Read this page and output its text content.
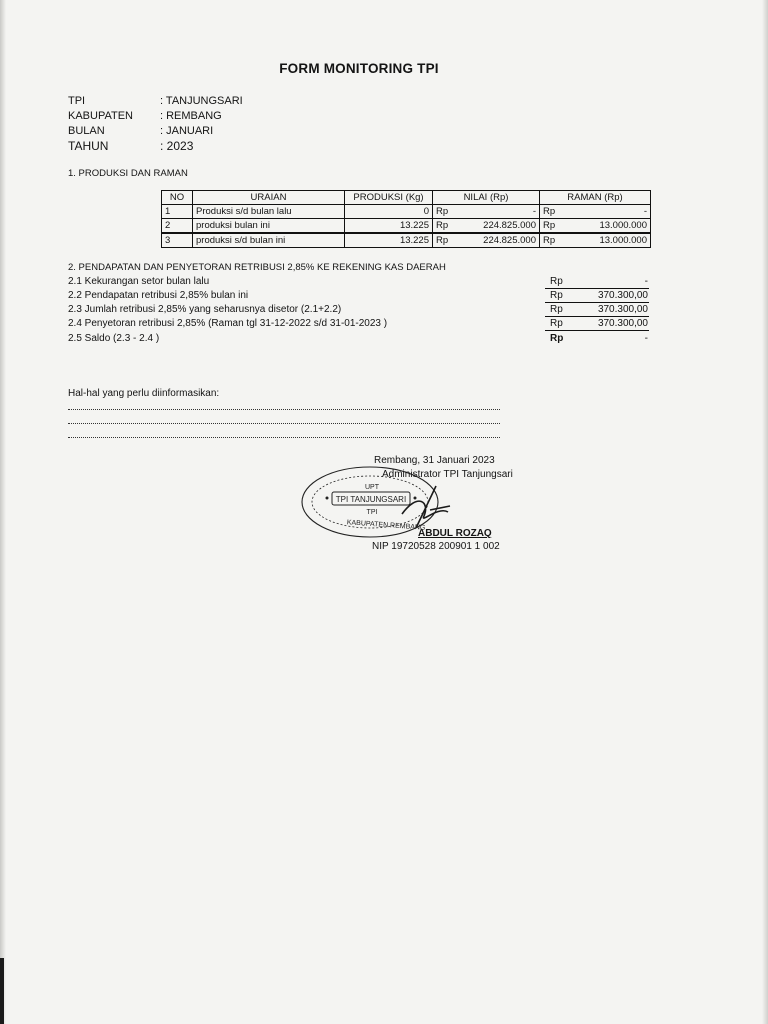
FORM MONITORING TPI
TPI	: TANJUNGSARI
KABUPATEN	: REMBANG
BULAN	: JANUARI
TAHUN	: 2023
1. PRODUKSI DAN RAMAN
NO	URAIAN	PRODUKSI (Kg)	NILAI (Rp)		RAMAN (Rp)	
1	Produksi s/d bulan lalu	0	Rp	-	Rp	-
2	produksi bulan ini	13.225	Rp	224.825.000	Rp	13.000.000
3	produksi s/d bulan ini	13.225	Rp	224.825.000	Rp	13.000.000
2. PENDAPATAN DAN PENYETORAN RETRIBUSI 2,85% KE REKENING KAS DAERAH
2.1 Kekurangan setor bulan lalu	Rp	-
2.2 Pendapatan retribusi 2,85% bulan ini	Rp	370.300,00
2.3 Jumlah retribusi 2,85% yang seharusnya disetor (2.1+2.2)	Rp	370.300,00
2.4 Penyetoran retribusi 2,85% (Raman tgl 31-12-2022 s/d 31-01-2023 )	Rp	370.300,00
2.5 Saldo (2.3 - 2.4 )	Rp	-
Hal-hal yang perlu diinformasikan:
UPT
TPI TANJUNGSARI
TPI
KABUPATEN REMBANG
Rembang, 31 Januari 2023
Administrator TPI Tanjungsari
ABDUL ROZAQ
NIP 19720528 200901 1 002
